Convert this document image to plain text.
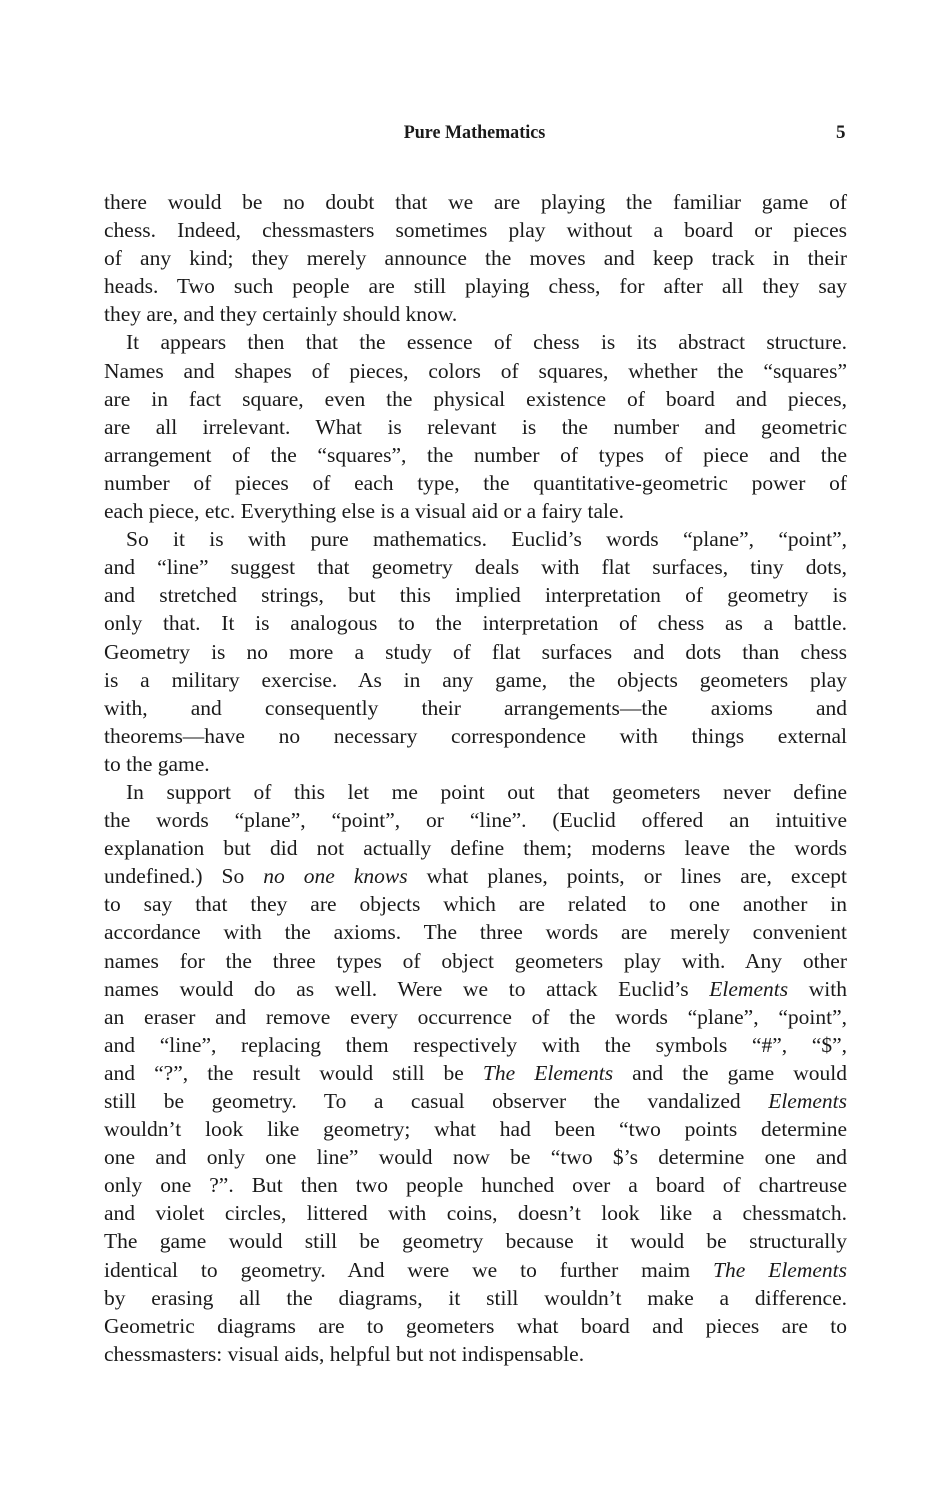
Pure Mathematics	5
there would be no doubt that we are playing the familiar game of
chess. Indeed, chessmasters sometimes play without a board or pieces
of any kind; they merely announce the moves and keep track in their
heads. Two such people are still playing chess, for after all they say
they are, and they certainly should know.
It appears then that the essence of chess is its abstract structure.
Names and shapes of pieces, colors of squares, whether the “squares”
are in fact square, even the physical existence of board and pieces,
are all irrelevant. What is relevant is the number and geometric
arrangement of the “squares”, the number of types of piece and the
number of pieces of each type, the quantitative-geometric power of
each piece, etc. Everything else is a visual aid or a fairy tale.
So it is with pure mathematics. Euclid’s words “plane”, “point”,
and “line” suggest that geometry deals with flat surfaces, tiny dots,
and stretched strings, but this implied interpretation of geometry is
only that. It is analogous to the interpretation of chess as a battle.
Geometry is no more a study of flat surfaces and dots than chess
is a military exercise. As in any game, the objects geometers play
with, and consequently their arrangements—the axioms and
theorems—have no necessary correspondence with things external
to the game.
In support of this let me point out that geometers never define
the words “plane”, “point”, or “line”. (Euclid offered an intuitive
explanation but did not actually define them; moderns leave the words
undefined.) So no one knows what planes, points, or lines are, except
to say that they are objects which are related to one another in
accordance with the axioms. The three words are merely convenient
names for the three types of object geometers play with. Any other
names would do as well. Were we to attack Euclid’s Elements with
an eraser and remove every occurrence of the words “plane”, “point”,
and “line”, replacing them respectively with the symbols “#”, “$”,
and “?”, the result would still be The Elements and the game would
still be geometry. To a casual observer the vandalized Elements
wouldn’t look like geometry; what had been “two points determine
one and only one line” would now be “two $’s determine one and
only one ?”. But then two people hunched over a board of chartreuse
and violet circles, littered with coins, doesn’t look like a chessmatch.
The game would still be geometry because it would be structurally
identical to geometry. And were we to further maim The Elements
by erasing all the diagrams, it still wouldn’t make a difference.
Geometric diagrams are to geometers what board and pieces are to
chessmasters: visual aids, helpful but not indispensable.
